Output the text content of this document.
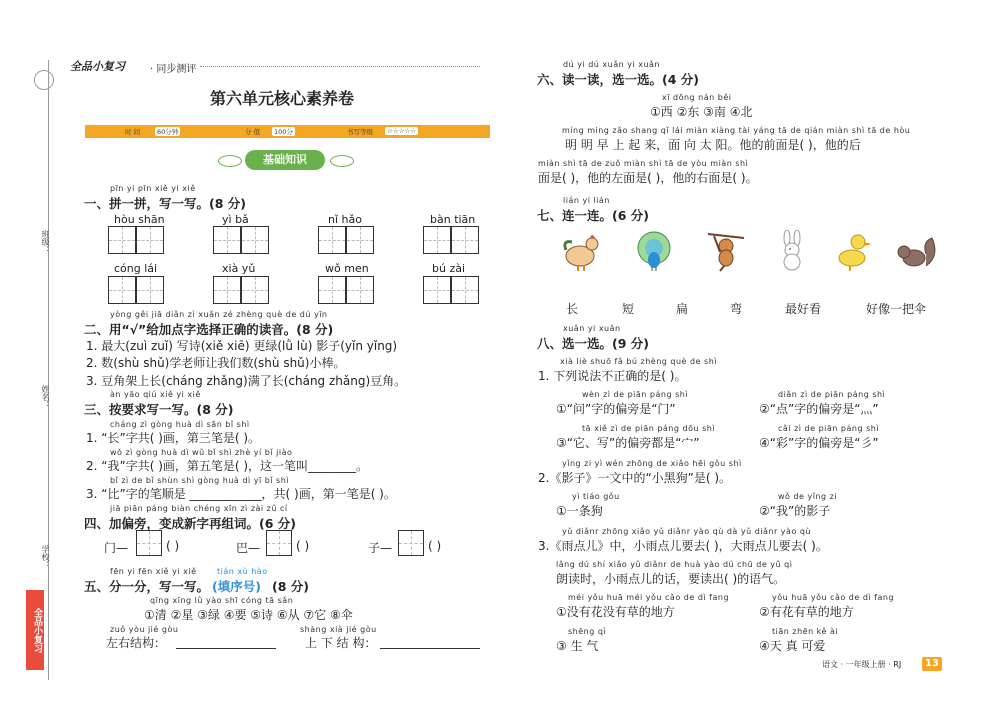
班级：
姓名：
学校：
全品小复习
全品小复习	· 同步测评
第六单元核心素养卷
时 间	60分钟	分 值	100分	书写等级	☆☆☆☆☆
基础知识
pīn yi pīn xiě yi xiě
一、拼一拼，写一写。(8 分)
hòu shān	yì bǎ	nǐ hǎo	bàn tiān
cóng lái	xià yǔ	wǒ men	bú zài
yòng gěi jiā diǎn zì xuǎn zé zhèng què de dú yīn
二、用“√”给加点字选择正确的读音。(8 分)
1. 最大(zuì zuǐ) 写诗(xiě xiē) 更绿(lǜ lù) 影子(yǐn yǐng)
2. 数(shù shǔ)学老师让我们数(shù shǔ)小棒。
3. 豆角架上长(cháng zhǎng)满了长(cháng zhǎng)豆角。
àn yāo qiú xiě yi xiě
三、按要求写一写。(8 分)
cháng zì gòng huà dì sān bǐ shì
1. “长”字共( )画，第三笔是( )。
wǒ zì gòng huà dì wǔ bǐ shì zhè yí bǐ jiào
2. “我”字共( )画，第五笔是( )，这一笔叫________。
bǐ zì de bǐ shùn shì gòng huà dì yī bǐ shì
3. “比”字的笔顺是 ____________，共( )画，第一笔是( )。
jiā piān páng biàn chéng xīn zì zài zǔ cí
四、加偏旁，变成新字再组词。(6 分)
门—	( )	巴—	( )	子—	( )
fēn yi fēn xiě yi xiě	tián xù hào
五、分一分，写一写。 (填序号) (8 分)
qīng xīng lǜ yào shī cóng tā sǎn
①清 ②星 ③绿 ④要 ⑤诗 ⑥从 ⑦它 ⑧伞
zuǒ yòu jié gòu
左右结构：
shàng xià jié gòu
上 下 结 构：
dú yi dú xuǎn yi xuǎn
六、读一读，选一选。(4 分)
xī dōng nán běi
①西 ②东 ③南 ④北
míng ming zǎo shang qǐ lái miàn xiàng tài yáng tā de qián miàn shì tā de hòu
明 明 早 上 起 来，面 向 太 阳。他的前面是( )，他的后
miàn shì tā de zuǒ miàn shì tā de yòu miàn shì
面是( )，他的左面是( )，他的右面是( )。
lián yi lián
七、连一连。(6 分)
长	短	扁	弯	最好看	好像一把伞
xuǎn yi xuǎn
八、选一选。(9 分)
xià liè shuō fǎ bú zhèng què de shì
1. 下列说法不正确的是( )。
wèn zì de piān páng shì
①“问”字的偏旁是“门”
diǎn zì de piān páng shì
②“点”字的偏旁是“灬”
tā xiě zì de piān páng dōu shì
③“它、写”的偏旁都是“宀”
cǎi zì de piān páng shì
④“彩”字的偏旁是“彡”
yǐng zi yì wén zhōng de xiǎo hēi gǒu shì
2.《影子》一文中的“小黑狗”是( )。
yì tiáo gǒu
①一条狗
wǒ de yǐng zi
②“我”的影子
yǔ diǎnr zhōng xiǎo yǔ diǎnr yào qù dà yǔ diǎnr yào qù
3.《雨点儿》中，小雨点儿要去( )，大雨点儿要去( )。
lǎng dú shí xiǎo yǔ diǎnr de huà yào dú chū de yǔ qì
朗读时，小雨点儿的话，要读出( )的语气。
méi yǒu huā méi yǒu cǎo de dì fang
①没有花没有草的地方
yǒu huā yǒu cǎo de dì fang
②有花有草的地方
shēng qì
③ 生 气
tiān zhēn kě ài
④天 真 可爱
语文 · 一年级上册 · RJ	13
